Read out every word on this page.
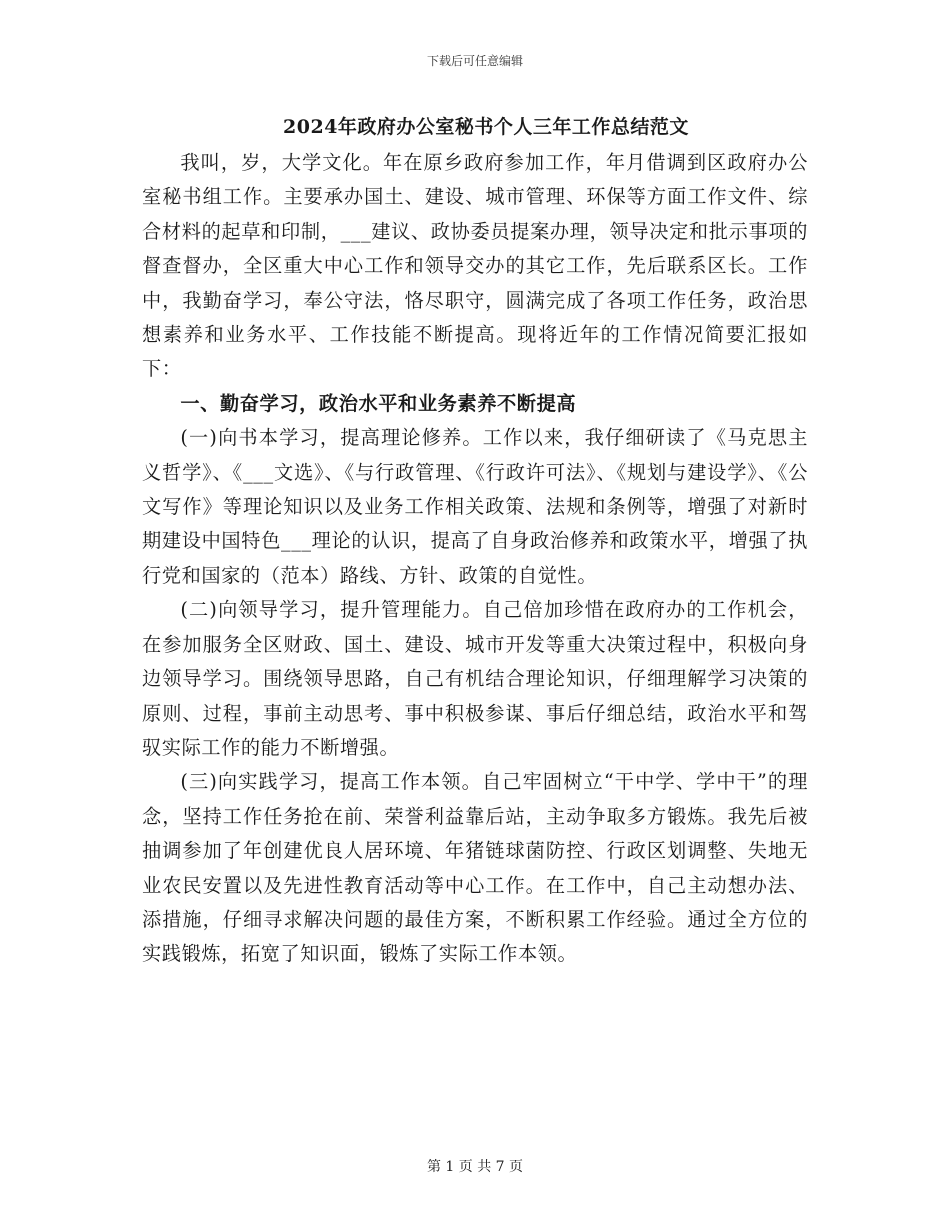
下载后可任意编辑
2024年政府办公室秘书个人三年工作总结范文

我叫，岁，大学文化。年在原乡政府参加工作，年月借调到区政府办公室秘书组工作。主要承办国土、建设、城市管理、环保等方面工作文件、综合材料的起草和印制，___建议、政协委员提案办理，领导决定和批示事项的督查督办，全区重大中心工作和领导交办的其它工作，先后联系区长。工作中，我勤奋学习，奉公守法，恪尽职守，圆满完成了各项工作任务，政治思想素养和业务水平、工作技能不断提高。现将近年的工作情况简要汇报如下：

一、勤奋学习，政治水平和业务素养不断提高

(一)向书本学习，提高理论修养。工作以来，我仔细研读了《马克思主义哲学》、《___文选》、《与行政管理、《行政许可法》、《规划与建设学》、《公文写作》等理论知识以及业务工作相关政策、法规和条例等，增强了对新时期建设中国特色___理论的认识，提高了自身政治修养和政策水平，增强了执行党和国家的（范本）路线、方针、政策的自觉性。

(二)向领导学习，提升管理能力。自己倍加珍惜在政府办的工作机会，在参加服务全区财政、国土、建设、城市开发等重大决策过程中，积极向身边领导学习。围绕领导思路，自己有机结合理论知识，仔细理解学习决策的原则、过程，事前主动思考、事中积极参谋、事后仔细总结，政治水平和驾驭实际工作的能力不断增强。

(三)向实践学习，提高工作本领。自己牢固树立“干中学、学中干”的理念，坚持工作任务抢在前、荣誉利益靠后站，主动争取多方锻炼。我先后被抽调参加了年创建优良人居环境、年猪链球菌防控、行政区划调整、失地无业农民安置以及先进性教育活动等中心工作。在工作中，自己主动想办法、添措施，仔细寻求解决问题的最佳方案，不断积累工作经验。通过全方位的实践锻炼，拓宽了知识面，锻炼了实际工作本领。

第 1 页 共 7 页
